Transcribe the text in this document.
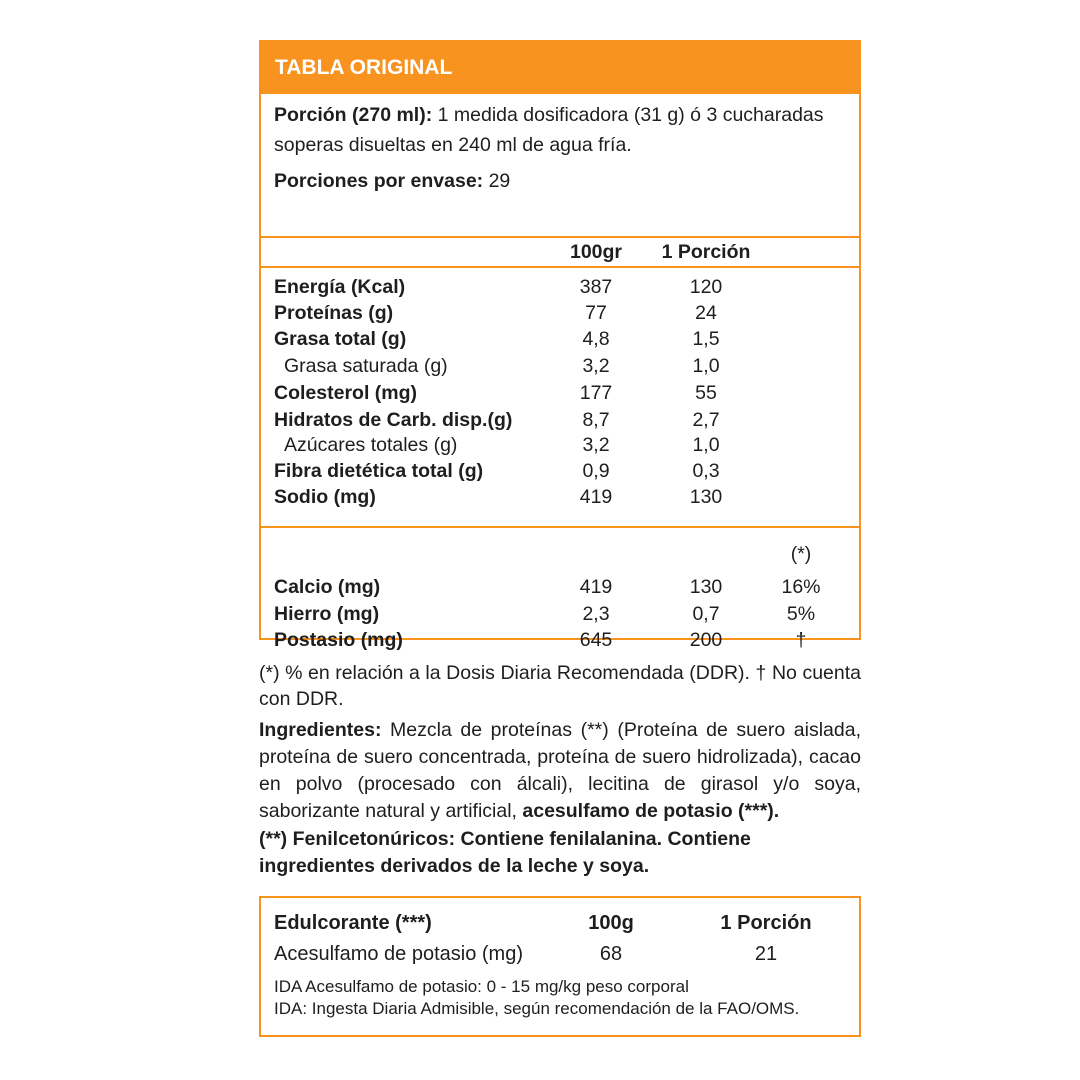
TABLA ORIGINAL
Porción (270 ml): 1 medida dosificadora (31 g) ó 3 cucharadas
soperas disueltas en 240 ml de agua fría.
Porciones por envase: 29
100gr	1 Porción
Energía (Kcal)	387	120
Proteínas (g)	77	24
Grasa total (g)	4,8	1,5
Grasa saturada (g)	3,2	1,0
Colesterol (mg)	177	55
Hidratos de Carb. disp.(g)	8,7	2,7
Azúcares totales (g)	3,2	1,0
Fibra dietética total (g)	0,9	0,3
Sodio (mg)	419	130
(*)
Calcio (mg)	419	130	16%
Hierro (mg)	2,3	0,7	5%
Postasio (mg)	645	200	†

(*) % en relación a la Dosis Diaria Recomendada (DDR). † No cuenta con DDR.

Ingredientes: Mezcla de proteínas (**) (Proteína de suero aislada, proteína de suero concentrada, proteína de suero hidrolizada), cacao en polvo (procesado con álcali), lecitina de girasol y/o soya, saborizante natural y artificial, acesulfamo de potasio (***).

(**) Fenilcetonúricos: Contiene fenilalanina. Contiene ingredientes derivados de la leche y soya.

Edulcorante (***)	100g	1 Porción
Acesulfamo de potasio (mg)	68	21
IDA Acesulfamo de potasio: 0 - 15 mg/kg peso corporal
IDA: Ingesta Diaria Admisible, según recomendación de la FAO/OMS.
